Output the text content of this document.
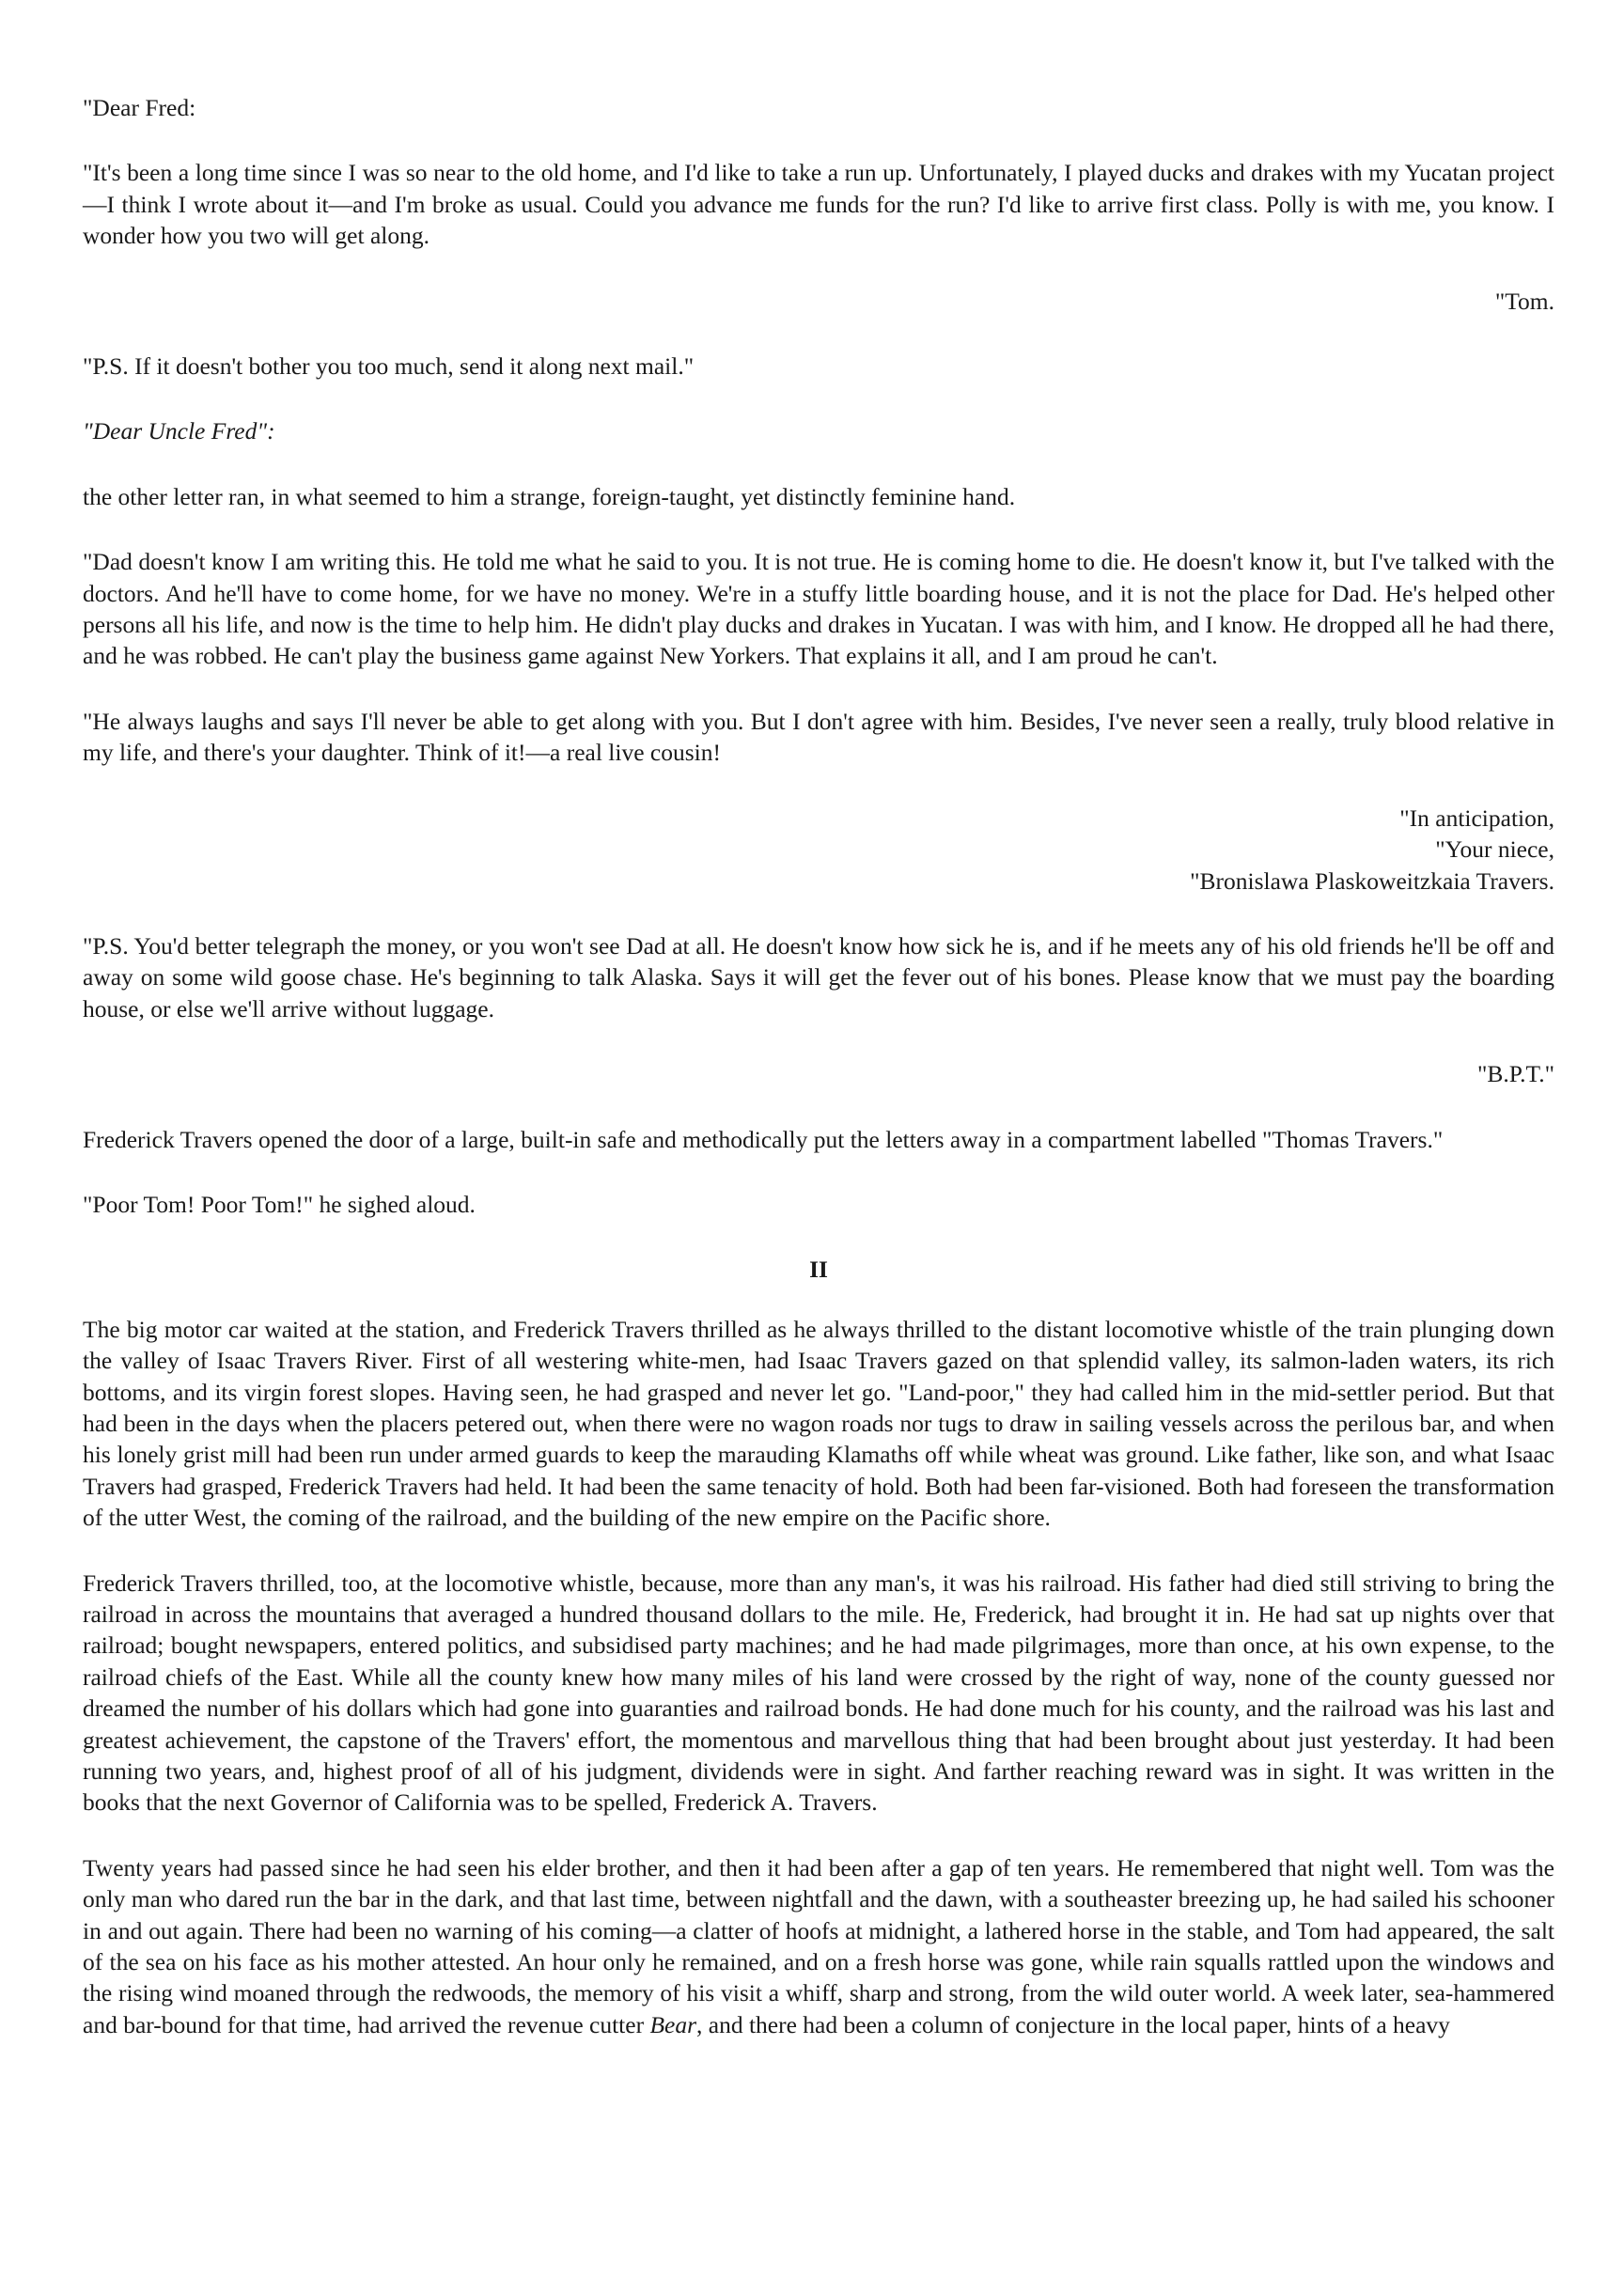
"Dear Fred:

"It's been a long time since I was so near to the old home, and I'd like to take a run up. Unfortunately, I played ducks and drakes with my Yucatan project—I think I wrote about it—and I'm broke as usual. Could you advance me funds for the run? I'd like to arrive first class. Polly is with me, you know. I wonder how you two will get along.

"Tom.

"P.S. If it doesn't bother you too much, send it along next mail."

"Dear Uncle Fred":

the other letter ran, in what seemed to him a strange, foreign-taught, yet distinctly feminine hand.

"Dad doesn't know I am writing this. He told me what he said to you. It is not true. He is coming home to die. He doesn't know it, but I've talked with the doctors. And he'll have to come home, for we have no money. We're in a stuffy little boarding house, and it is not the place for Dad. He's helped other persons all his life, and now is the time to help him. He didn't play ducks and drakes in Yucatan. I was with him, and I know. He dropped all he had there, and he was robbed. He can't play the business game against New Yorkers. That explains it all, and I am proud he can't.

"He always laughs and says I'll never be able to get along with you. But I don't agree with him. Besides, I've never seen a really, truly blood relative in my life, and there's your daughter. Think of it!—a real live cousin!

"In anticipation,
"Your niece,
"Bronislawa Plaskoweitzkaia Travers.

"P.S. You'd better telegraph the money, or you won't see Dad at all. He doesn't know how sick he is, and if he meets any of his old friends he'll be off and away on some wild goose chase. He's beginning to talk Alaska. Says it will get the fever out of his bones. Please know that we must pay the boarding house, or else we'll arrive without luggage.

"B.P.T."

Frederick Travers opened the door of a large, built-in safe and methodically put the letters away in a compartment labelled "Thomas Travers."

"Poor Tom! Poor Tom!" he sighed aloud.

II

The big motor car waited at the station, and Frederick Travers thrilled as he always thrilled to the distant locomotive whistle of the train plunging down the valley of Isaac Travers River. First of all westering white-men, had Isaac Travers gazed on that splendid valley, its salmon-laden waters, its rich bottoms, and its virgin forest slopes. Having seen, he had grasped and never let go. "Land-poor," they had called him in the mid-settler period. But that had been in the days when the placers petered out, when there were no wagon roads nor tugs to draw in sailing vessels across the perilous bar, and when his lonely grist mill had been run under armed guards to keep the marauding Klamaths off while wheat was ground. Like father, like son, and what Isaac Travers had grasped, Frederick Travers had held. It had been the same tenacity of hold. Both had been far-visioned. Both had foreseen the transformation of the utter West, the coming of the railroad, and the building of the new empire on the Pacific shore.

Frederick Travers thrilled, too, at the locomotive whistle, because, more than any man's, it was his railroad. His father had died still striving to bring the railroad in across the mountains that averaged a hundred thousand dollars to the mile. He, Frederick, had brought it in. He had sat up nights over that railroad; bought newspapers, entered politics, and subsidised party machines; and he had made pilgrimages, more than once, at his own expense, to the railroad chiefs of the East. While all the county knew how many miles of his land were crossed by the right of way, none of the county guessed nor dreamed the number of his dollars which had gone into guaranties and railroad bonds. He had done much for his county, and the railroad was his last and greatest achievement, the capstone of the Travers' effort, the momentous and marvellous thing that had been brought about just yesterday. It had been running two years, and, highest proof of all of his judgment, dividends were in sight. And farther reaching reward was in sight. It was written in the books that the next Governor of California was to be spelled, Frederick A. Travers.

Twenty years had passed since he had seen his elder brother, and then it had been after a gap of ten years. He remembered that night well. Tom was the only man who dared run the bar in the dark, and that last time, between nightfall and the dawn, with a southeaster breezing up, he had sailed his schooner in and out again. There had been no warning of his coming—a clatter of hoofs at midnight, a lathered horse in the stable, and Tom had appeared, the salt of the sea on his face as his mother attested. An hour only he remained, and on a fresh horse was gone, while rain squalls rattled upon the windows and the rising wind moaned through the redwoods, the memory of his visit a whiff, sharp and strong, from the wild outer world. A week later, sea-hammered and bar-bound for that time, had arrived the revenue cutter Bear, and there had been a column of conjecture in the local paper, hints of a heavy
